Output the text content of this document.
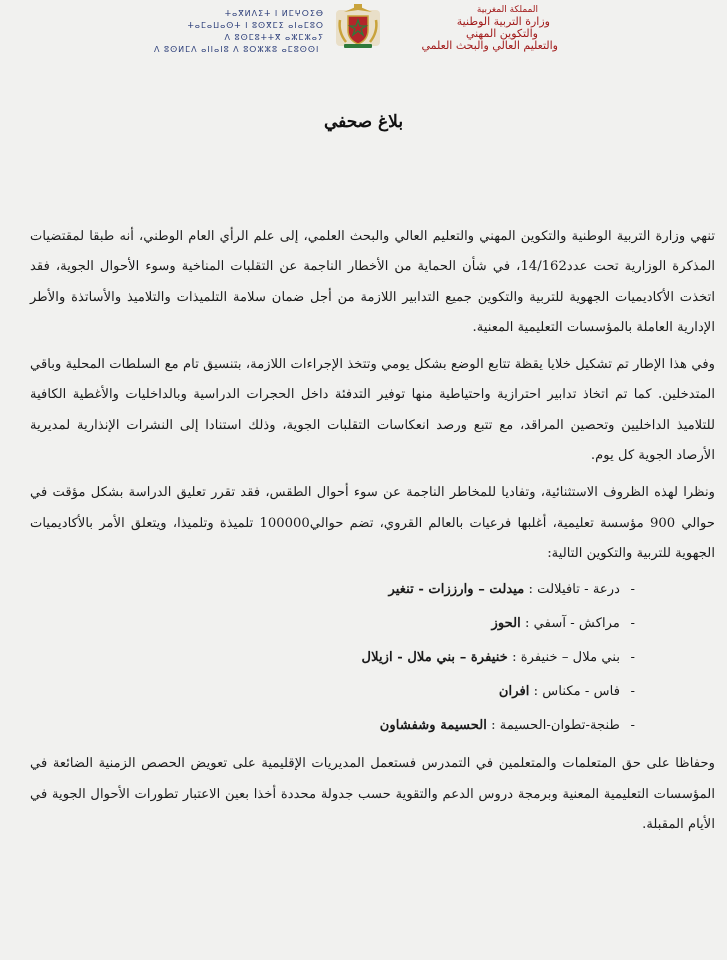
ⵜⴰⴳⵍⴷⵉⵜ ⵏ ⵍⵎⵖⵔⵉⴱ
ⵜⴰⵎⴰⵡⴰⵙⵜ ⵏ ⵓⵙⴳⵎⵉ ⴰⵏⴰⵎⵓⵔ
ⴷ ⵓⵙⵎⵓⵜⵜⴳ ⴰⵣⵎⵣⴰⵢ
ⴷ ⵓⵙⵍⵎⴷ ⴰⵏⵏⴰⵏⵓ ⴷ ⵓⵔⵣⵣⵓ ⴰⵎⵓⵙⵙⵏ
المملكة المغربية
وزارة التربية الوطنية
والتكوين المهني
والتعليم العالي والبحث العلمي
بلاغ صحفي

تنهي وزارة التربية الوطنية والتكوين المهني والتعليم العالي والبحث العلمي، إلى علم الرأي العام الوطني، أنه طبقا لمقتضيات المذكرة الوزارية تحت عدد14/162، في شأن الحماية من الأخطار الناجمة عن التقلبات المناخية وسوء الأحوال الجوية، فقد اتخذت الأكاديميات الجهوية للتربية والتكوين جميع التدابير اللازمة من أجل ضمان سلامة التلميذات والتلاميذ والأساتذة والأطر الإدارية العاملة بالمؤسسات التعليمية المعنية.

وفي هذا الإطار تم تشكيل خلايا يقظة تتابع الوضع بشكل يومي وتتخذ الإجراءات اللازمة، بتنسيق تام مع السلطات المحلية وباقي المتدخلين. كما تم اتخاذ تدابير احترازية واحتياطية منها توفير التدفئة داخل الحجرات الدراسية وبالداخليات والأغطية الكافية للتلاميذ الداخليين وتحصين المراقد، مع تتبع ورصد انعكاسات التقلبات الجوية، وذلك استنادا إلى النشرات الإنذارية لمديرية الأرصاد الجوية كل يوم.

ونظرا لهذه الظروف الاستثنائية، وتفاديا للمخاطر الناجمة عن سوء أحوال الطقس، فقد تقرر تعليق الدراسة بشكل مؤقت في حوالي 900 مؤسسة تعليمية، أغلبها فرعيات بالعالم القروي، تضم حوالي100000 تلميذة وتلميذا، ويتعلق الأمر بالأكاديميات الجهوية للتربية والتكوين التالية:

-
درعة - تافيلالت : ميدلت – وارززات - تنغير
-
مراكش - آسفي : الحوز
-
بني ملال – خنيفرة : خنيفرة – بني ملال - ازيلال
-
فاس - مكناس : افران
-
طنجة-تطوان-الحسيمة : الحسيمة وشفشاون

وحفاظا على حق المتعلمات والمتعلمين في التمدرس فستعمل المديريات الإقليمية على تعويض الحصص الزمنية الضائعة في المؤسسات التعليمية المعنية وبرمجة دروس الدعم والتقوية حسب جدولة محددة أخذا بعين الاعتبار تطورات الأحوال الجوية في الأيام المقبلة.
